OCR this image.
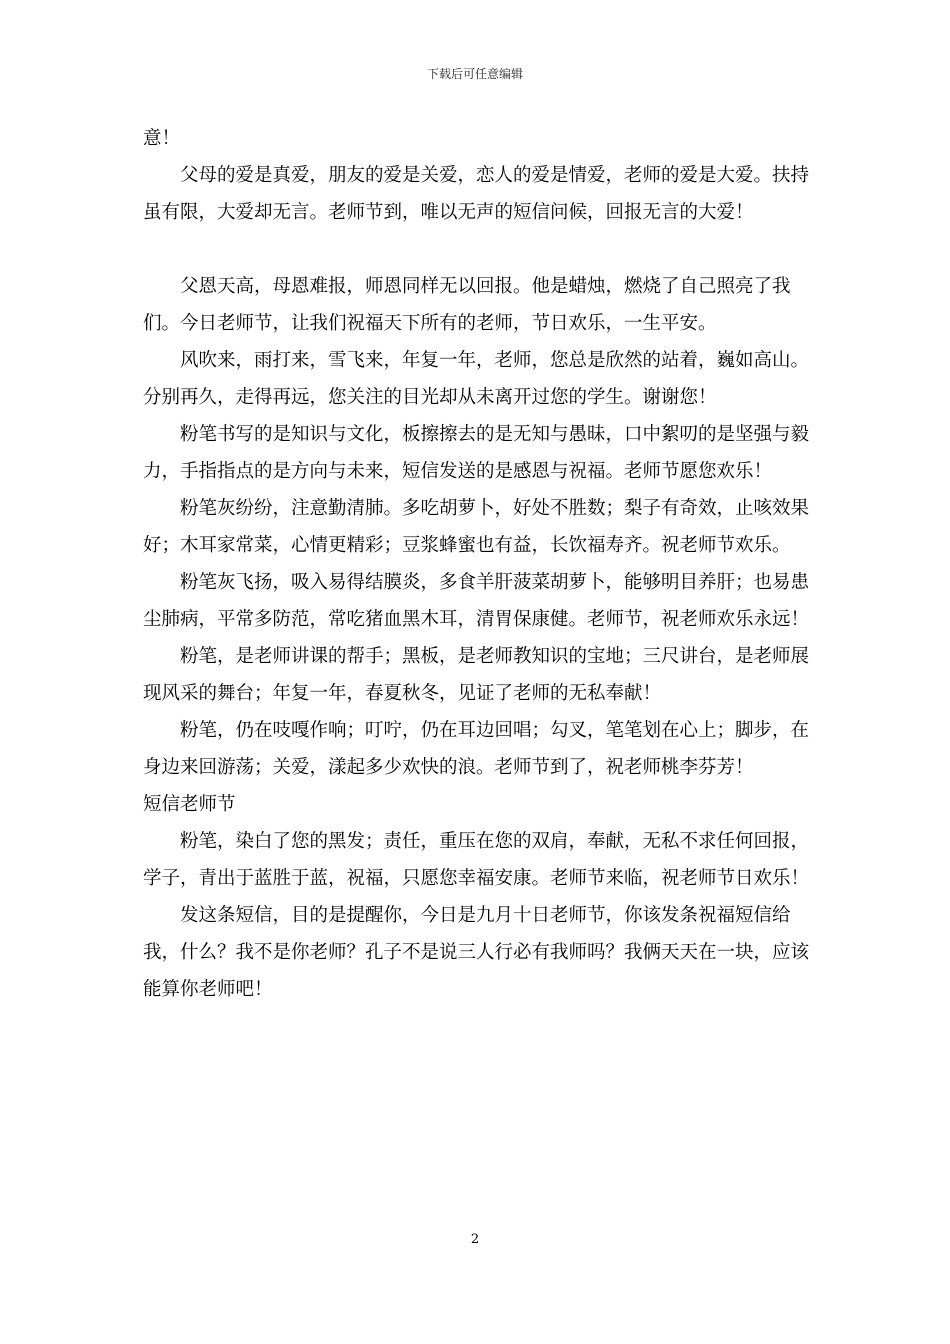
下载后可任意编辑

意！

父母的爱是真爱，朋友的爱是关爱，恋人的爱是情爱，老师的爱是大爱。扶持虽有限，大爱却无言。老师节到，唯以无声的短信问候，回报无言的大爱！

父恩天高，母恩难报，师恩同样无以回报。他是蜡烛，燃烧了自己照亮了我们。今日老师节，让我们祝福天下所有的老师，节日欢乐，一生平安。

风吹来，雨打来，雪飞来，年复一年，老师，您总是欣然的站着，巍如高山。分别再久，走得再远，您关注的目光却从未离开过您的学生。谢谢您！

粉笔书写的是知识与文化，板擦擦去的是无知与愚昧，口中絮叨的是坚强与毅力，手指指点的是方向与未来，短信发送的是感恩与祝福。老师节愿您欢乐！

粉笔灰纷纷，注意勤清肺。多吃胡萝卜，好处不胜数；梨子有奇效，止咳效果好；木耳家常菜，心情更精彩；豆浆蜂蜜也有益，长饮福寿齐。祝老师节欢乐。

粉笔灰飞扬，吸入易得结膜炎，多食羊肝菠菜胡萝卜，能够明目养肝；也易患尘肺病，平常多防范，常吃猪血黑木耳，清胃保康健。老师节，祝老师欢乐永远！

粉笔，是老师讲课的帮手；黑板，是老师教知识的宝地；三尺讲台，是老师展现风采的舞台；年复一年，春夏秋冬，见证了老师的无私奉献！

粉笔，仍在吱嘎作响；叮咛，仍在耳边回唱；勾叉，笔笔划在心上；脚步，在身边来回游荡；关爱，漾起多少欢快的浪。老师节到了，祝老师桃李芬芳！

短信老师节

粉笔，染白了您的黑发；责任，重压在您的双肩，奉献，无私不求任何回报，学子，青出于蓝胜于蓝，祝福，只愿您幸福安康。老师节来临，祝老师节日欢乐！

发这条短信，目的是提醒你，今日是九月十日老师节，你该发条祝福短信给我，什么？我不是你老师？孔子不是说三人行必有我师吗？我俩天天在一块，应该能算你老师吧！

2
